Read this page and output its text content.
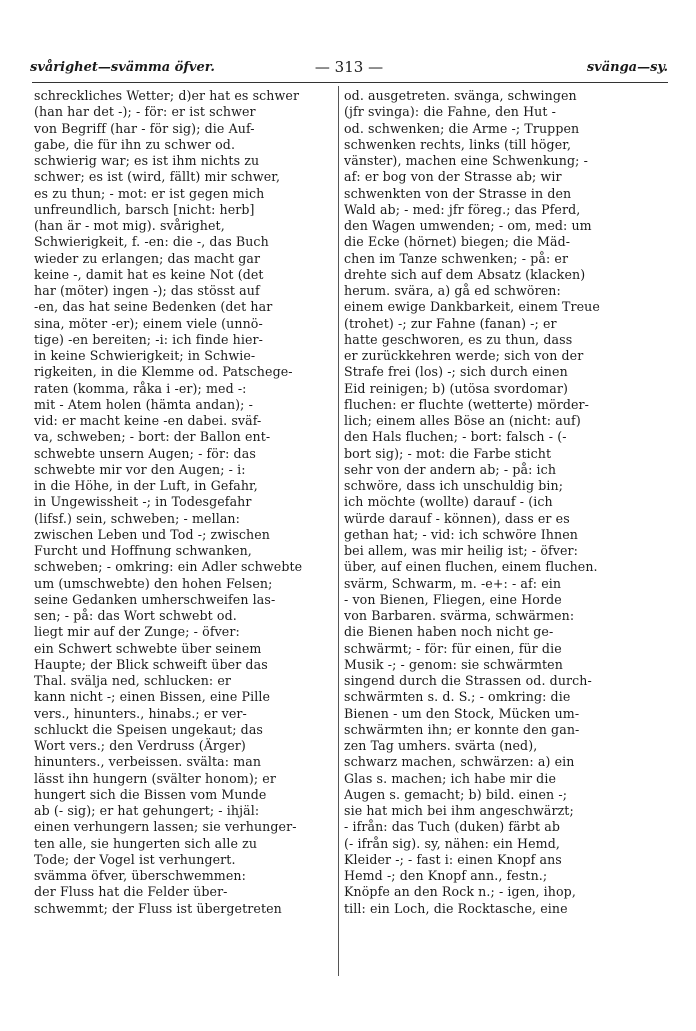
svårighet—svämma öfver.	— 313 —	svänga—sy.
schreckliches Wetter; d)er hat es schwer
(han har det -); - för: er ist schwer
von Begriff (har - för sig); die Auf-
gabe, die für ihn zu schwer od.
schwierig war; es ist ihm nichts zu
schwer; es ist (wird, fällt) mir schwer,
es zu thun; - mot: er ist gegen mich
unfreundlich, barsch [nicht: herb]
(han är - mot mig). svårighet,
Schwierigkeit, f. -en: die -, das Buch
wieder zu erlangen; das macht gar
keine -, damit hat es keine Not (det
har (möter) ingen -); das stösst auf
-en, das hat seine Bedenken (det har
sina, möter -er); einem viele (unnö-
tige) -en bereiten; -i: ich finde hier-
in keine Schwierigkeit; in Schwie-
rigkeiten, in die Klemme od. Patschege-
raten (komma, råka i -er); med -:
mit - Atem holen (hämta andan); -
vid: er macht keine -en dabei. sväf-
va, schweben; - bort: der Ballon ent-
schwebte unsern Augen; - för: das
schwebte mir vor den Augen; - i:
in die Höhe, in der Luft, in Gefahr,
in Ungewissheit -; in Todesgefahr
(lifsf.) sein, schweben; - mellan:
zwischen Leben und Tod -; zwischen
Furcht und Hoffnung schwanken,
schweben; - omkring: ein Adler schwebte
um (umschwebte) den hohen Felsen;
seine Gedanken umherschweifen las-
sen; - på: das Wort schwebt od.
liegt mir auf der Zunge; - öfver:
ein Schwert schwebte über seinem
Haupte; der Blick schweift über das
Thal. svälja ned, schlucken: er
kann nicht -; einen Bissen, eine Pille
vers., hinunters., hinabs.; er ver-
schluckt die Speisen ungekaut; das
Wort vers.; den Verdruss (Ärger)
hinunters., verbeissen. svälta: man
lässt ihn hungern (svälter honom); er
hungert sich die Bissen vom Munde
ab (- sig); er hat gehungert; - ihjäl:
einen verhungern lassen; sie verhunger-
ten alle, sie hungerten sich alle zu
Tode; der Vogel ist verhungert.
svämma öfver, überschwemmen:
der Fluss hat die Felder über-
schwemmt; der Fluss ist übergetreten
od. ausgetreten. svänga, schwingen
(jfr svinga): die Fahne, den Hut -
od. schwenken; die Arme -; Truppen
schwenken rechts, links (till höger,
vänster), machen eine Schwenkung; -
af: er bog von der Strasse ab; wir
schwenkten von der Strasse in den
Wald ab; - med: jfr föreg.; das Pferd,
den Wagen umwenden; - om, med: um
die Ecke (hörnet) biegen; die Mäd-
chen im Tanze schwenken; - på: er
drehte sich auf dem Absatz (klacken)
herum. svära, a) gå ed schwören:
einem ewige Dankbarkeit, einem Treue
(trohet) -; zur Fahne (fanan) -; er
hatte geschworen, es zu thun, dass
er zurückkehren werde; sich von der
Strafe frei (los) -; sich durch einen
Eid reinigen; b) (utösa svordomar)
fluchen: er fluchte (wetterte) mörder-
lich; einem alles Böse an (nicht: auf)
den Hals fluchen; - bort: falsch - (-
bort sig); - mot: die Farbe sticht
sehr von der andern ab; - på: ich
schwöre, dass ich unschuldig bin;
ich möchte (wollte) darauf - (ich
würde darauf - können), dass er es
gethan hat; - vid: ich schwöre Ihnen
bei allem, was mir heilig ist; - öfver:
über, auf einen fluchen, einem fluchen.
svärm, Schwarm, m. -e+: - af: ein
- von Bienen, Fliegen, eine Horde
von Barbaren. svärma, schwärmen:
die Bienen haben noch nicht ge-
schwärmt; - för: für einen, für die
Musik -; - genom: sie schwärmten
singend durch die Strassen od. durch-
schwärmten s. d. S.; - omkring: die
Bienen - um den Stock, Mücken um-
schwärmten ihn; er konnte den gan-
zen Tag umhers. svärta (ned),
schwarz machen, schwärzen: a) ein
Glas s. machen; ich habe mir die
Augen s. gemacht; b) bild. einen -;
sie hat mich bei ihm angeschwärzt;
- ifrån: das Tuch (duken) färbt ab
(- ifrån sig). sy, nähen: ein Hemd,
Kleider -; - fast i: einen Knopf ans
Hemd -; den Knopf ann., festn.;
Knöpfe an den Rock n.; - igen, ihop,
till: ein Loch, die Rocktasche, eine
